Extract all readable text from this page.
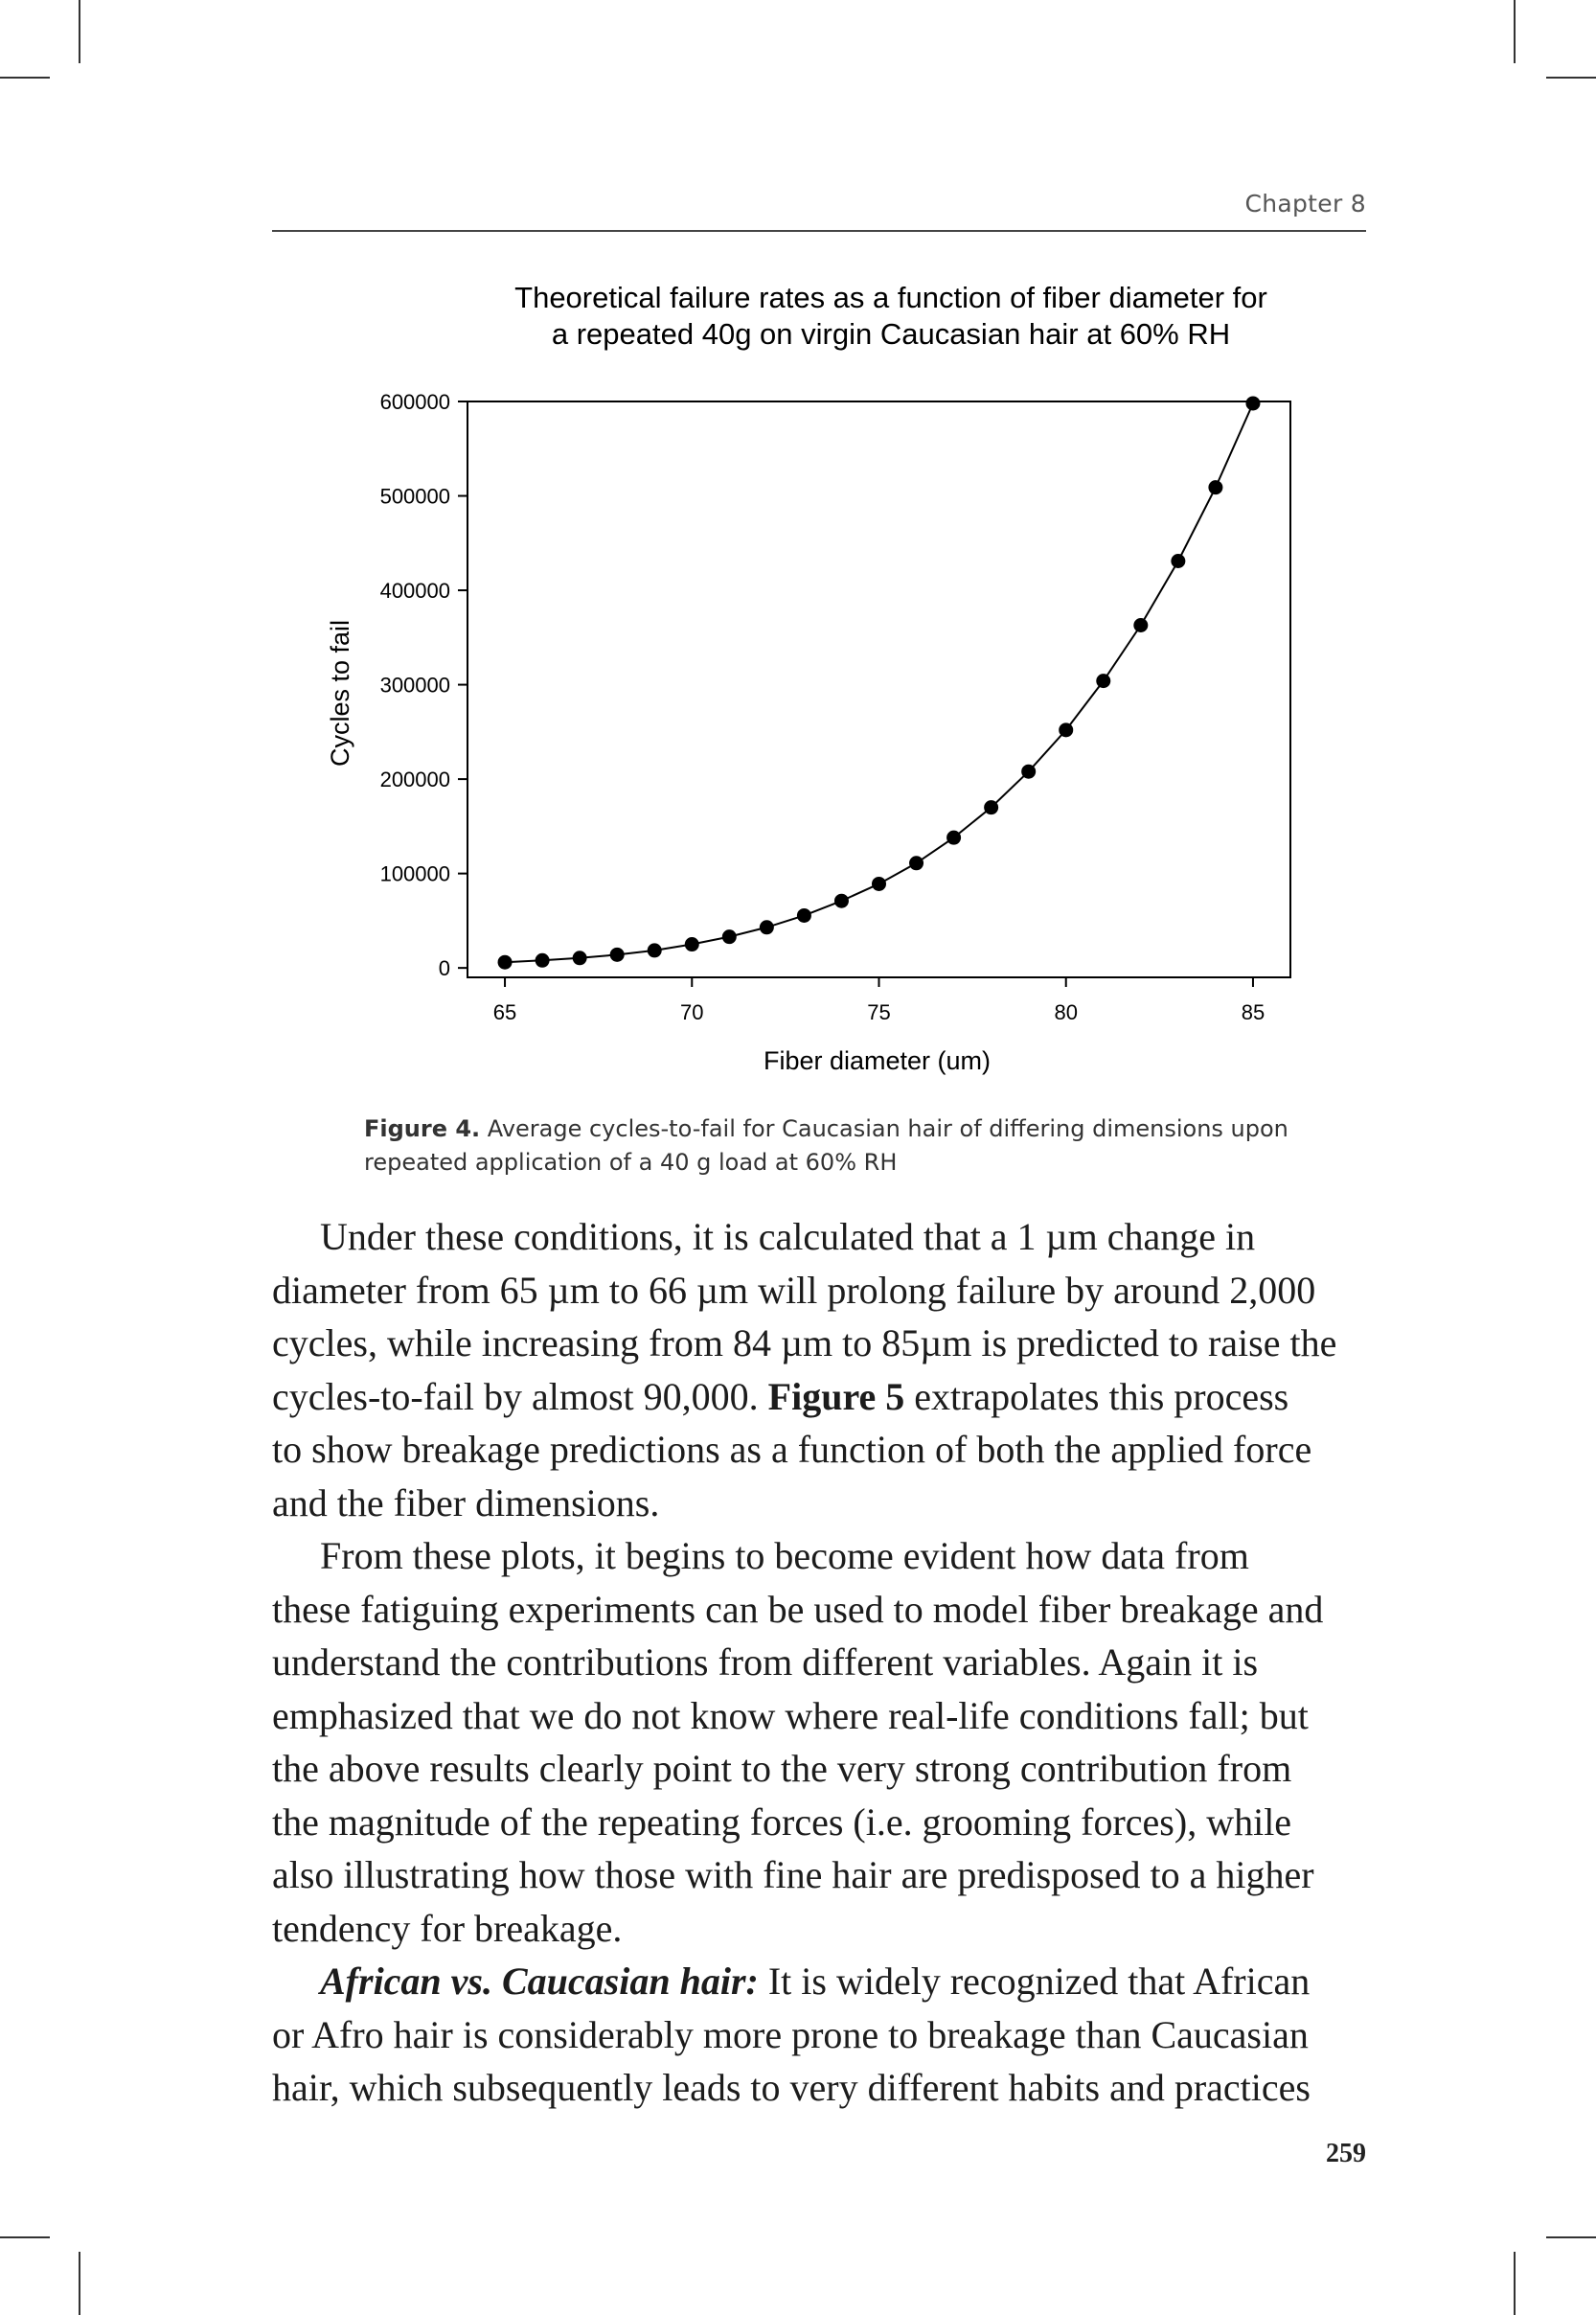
Chapter 8
Theoretical failure rates as a function of fiber diameter for
a repeated 40g on virgin Caucasian hair at 60% RH
0
100000
200000
300000
400000
500000
600000
65	70	75	80	85
Fiber diameter (um)
Cycles to fail
Figure 4. Average cycles-to-fail for Caucasian hair of differing dimensions upon repeated application of a 40 g load at 60% RH

Under these conditions, it is calculated that a 1 µm change in
diameter from 65 µm to 66 µm will prolong failure by around 2,000
cycles, while increasing from 84 µm to 85µm is predicted to raise the
cycles-to-fail by almost 90,000. Figure 5 extrapolates this process
to show breakage predictions as a function of both the applied force
and the fiber dimensions.

From these plots, it begins to become evident how data from
these fatiguing experiments can be used to model fiber breakage and
understand the contributions from different variables. Again it is
emphasized that we do not know where real-life conditions fall; but
the above results clearly point to the very strong contribution from
the magnitude of the repeating forces (i.e. grooming forces), while
also illustrating how those with fine hair are predisposed to a higher
tendency for breakage.

African vs. Caucasian hair: It is widely recognized that African
or Afro hair is considerably more prone to breakage than Caucasian
hair, which subsequently leads to very different habits and practices

259
